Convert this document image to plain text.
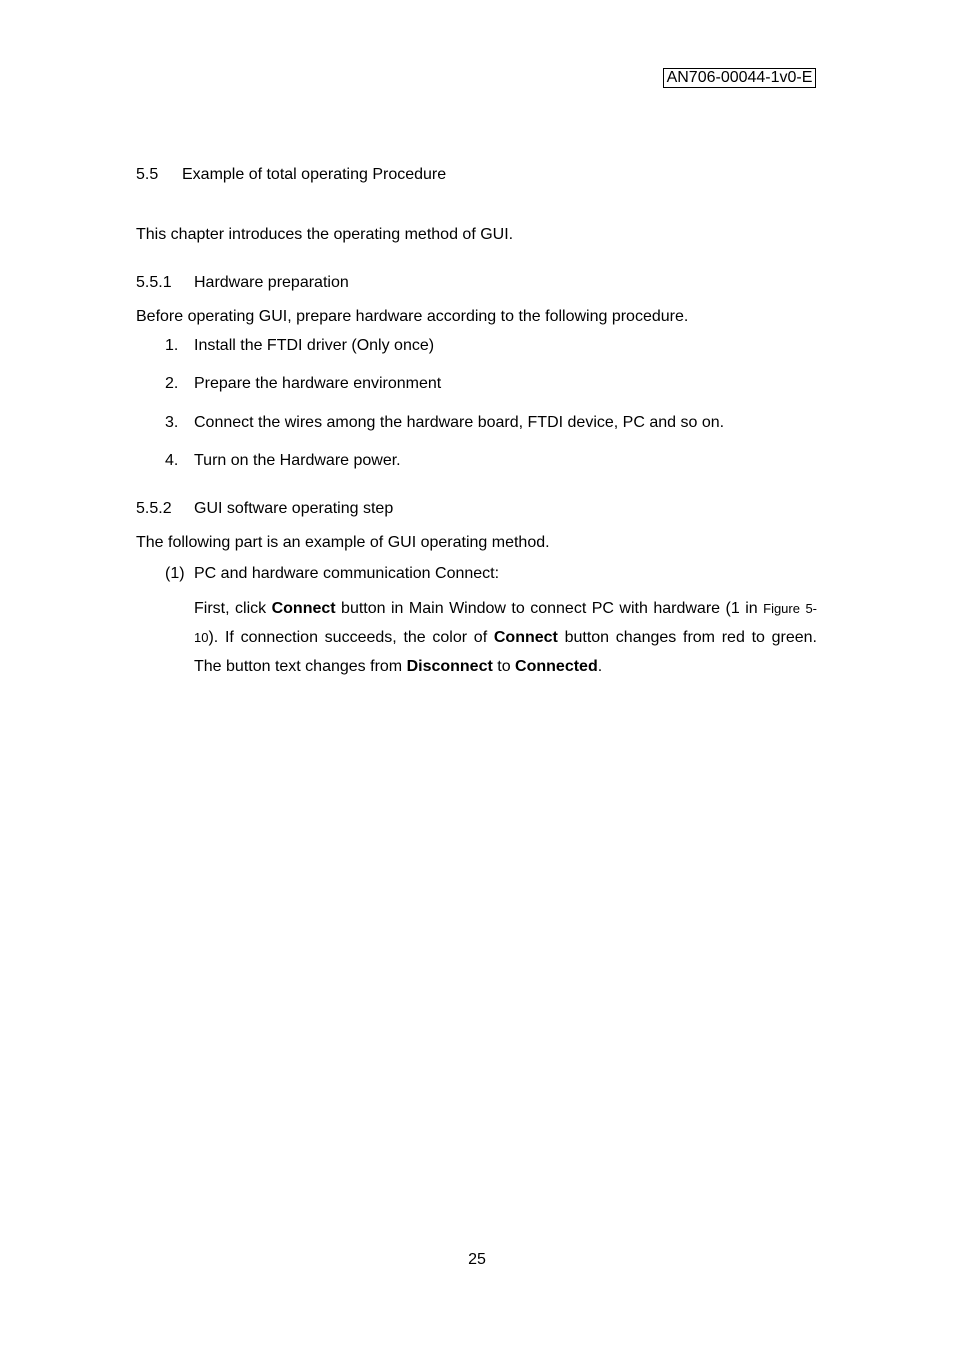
AN706-00044-1v0-E
5.5 Example of total operating Procedure
This chapter introduces the operating method of GUI.
5.5.1 Hardware preparation
Before operating GUI, prepare hardware according to the following procedure.
1. Install the FTDI driver (Only once)
2. Prepare the hardware environment
3. Connect the wires among the hardware board, FTDI device, PC and so on.
4. Turn on the Hardware power.
5.5.2 GUI software operating step
The following part is an example of GUI operating method.
(1) PC and hardware communication Connect:
First, click Connect button in Main Window to connect PC with hardware (1 in Figure 5-10). If connection succeeds, the color of Connect button changes from red to green. The button text changes from Disconnect to Connected.
25
